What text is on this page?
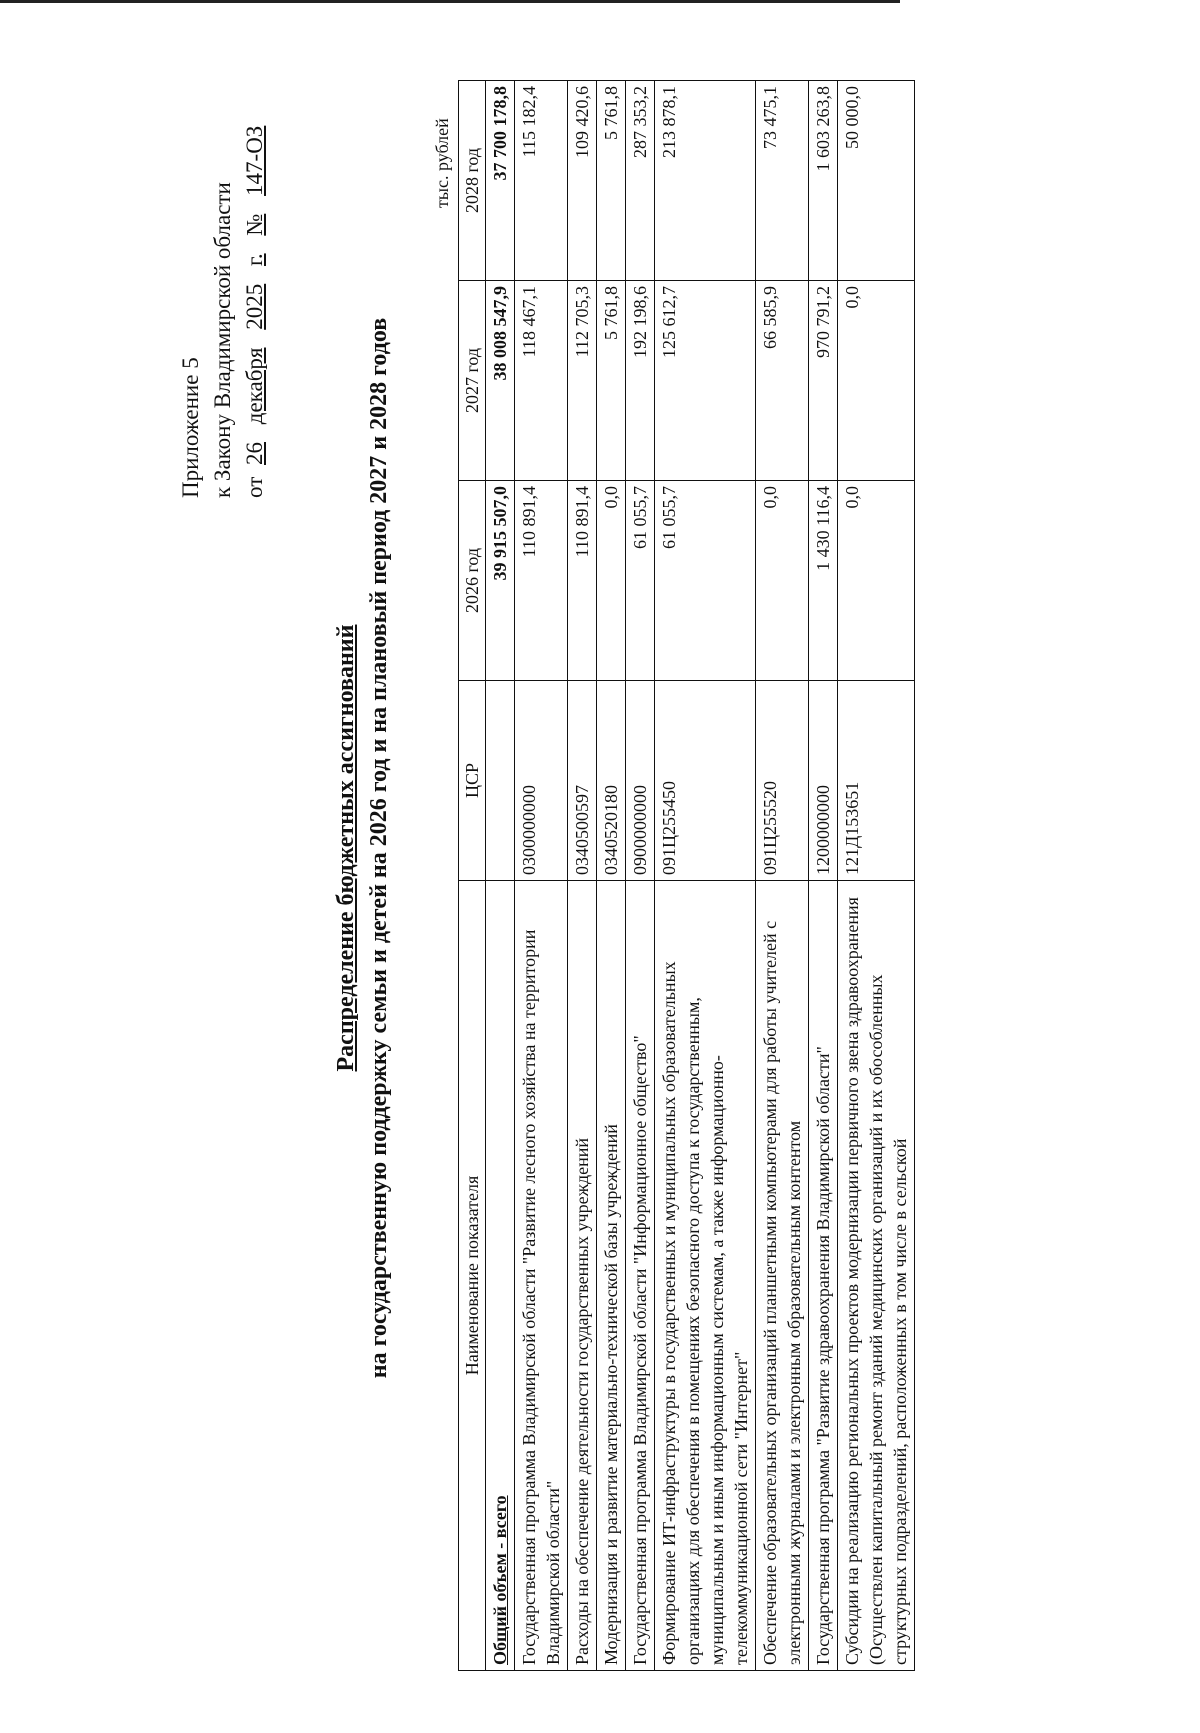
Приложение 5 к Закону Владимирской области от 26 декабря 2025 г. № 147-ОЗ
Распределение бюджетных ассигнований на государственную поддержку семьи и детей на 2026 год и на плановый период 2027 и 2028 годов
тыс. рублей
Наименование показателя	ЦСР	2026 год	2027 год	2028 год
Общий объем - всего		39 915 507,0	38 008 547,9	37 700 178,8
Государственная программа Владимирской области "Развитие лесного хозяйства на территории Владимирской области"	0300000000	110 891,4	118 467,1	115 182,4
Расходы на обеспечение деятельности государственных учреждений	0340500597	110 891,4	112 705,3	109 420,6
Модернизация и развитие материально-технической базы учреждений	0340520180	0,0	5 761,8	5 761,8
Государственная программа Владимирской области "Информационное общество"	0900000000	61 055,7	192 198,6	287 353,2
Формирование ИТ-инфраструктуры в государственных и муниципальных образовательных организациях для обеспечения в помещениях безопасного доступа к государственным, муниципальным и иным информационным системам, а также информационно-телекоммуникационной сети "Интернет"	091Ц255450	61 055,7	125 612,7	213 878,1
Обеспечение образовательных организаций планшетными компьютерами для работы учителей с электронными журналами и электронным образовательным контентом	091Ц255520	0,0	66 585,9	73 475,1
Государственная программа "Развитие здравоохранения Владимирской области"	1200000000	1 430 116,4	970 791,2	1 603 263,8
Субсидии на реализацию региональных проектов модернизации первичного звена здравоохранения (Осуществлен капитальный ремонт зданий медицинских организаций и их обособленных структурных подразделений, расположенных в том числе в сельской	121Д153651	0,0	0,0	50 000,0
